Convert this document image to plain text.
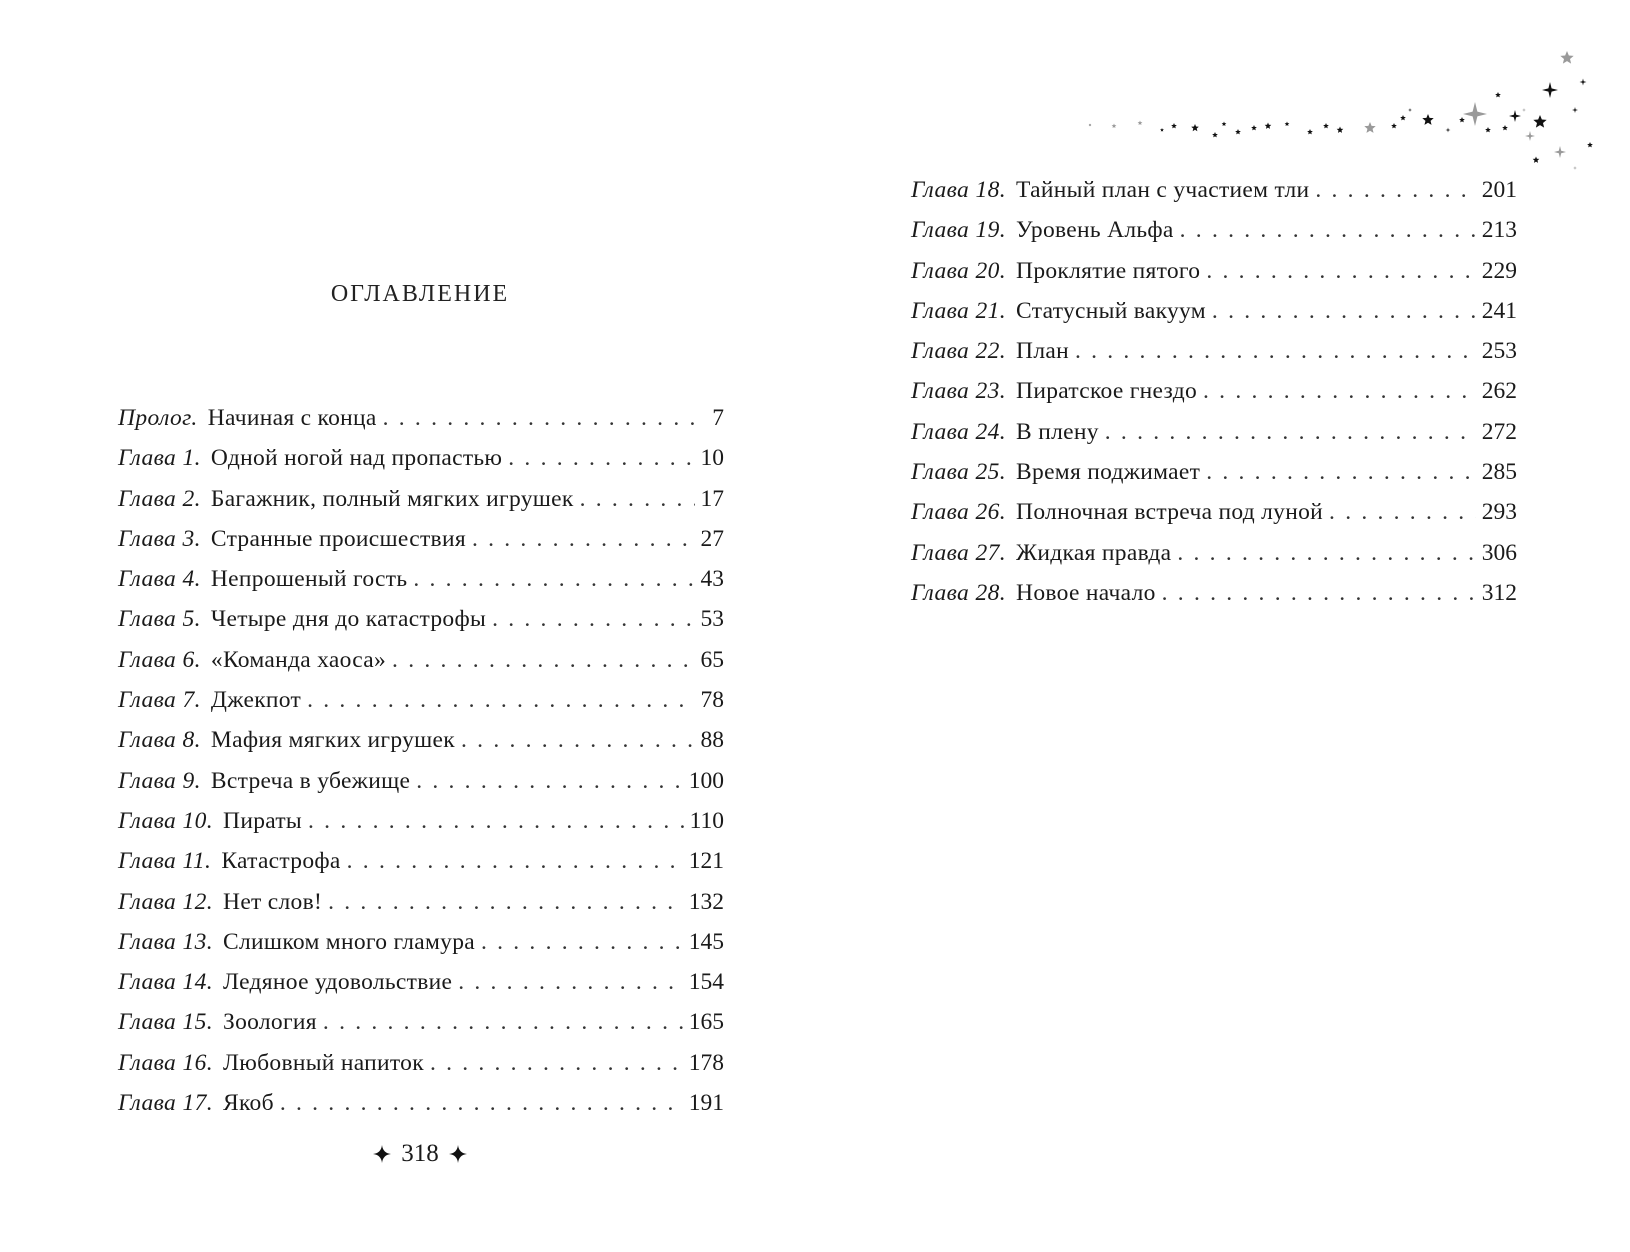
оглавление
Пролог. Начиная с конца . . .	7
Глава 1. Одной ногой над пропастью . . .	10
Глава 2. Багажник, полный мягких игрушек . . .	17
Глава 3. Странные происшествия . . .	27
Глава 4. Непрошеный гость . . .	43
Глава 5. Четыре дня до катастрофы . . .	53
Глава 6. «Команда хаоса» . . .	65
Глава 7. Джекпот . . .	78
Глава 8. Мафия мягких игрушек . . .	88
Глава 9. Встреча в убежище . . .	100
Глава 10. Пираты . . .	110
Глава 11. Катастрофа . . .	121
Глава 12. Нет слов! . . .	132
Глава 13. Слишком много гламура . . .	145
Глава 14. Ледяное удовольствие . . .	154
Глава 15. Зоология . . .	165
Глава 16. Любовный напиток . . .	178
Глава 17. Якоб . . .	191
318
Глава 18. Тайный план с участием тли . . .	201
Глава 19. Уровень Альфа . . .	213
Глава 20. Проклятие пятого . . .	229
Глава 21. Статусный вакуум . . .	241
Глава 22. План . . .	253
Глава 23. Пиратское гнездо . . .	262
Глава 24. В плену . . .	272
Глава 25. Время поджимает . . .	285
Глава 26. Полночная встреча под луной . . .	293
Глава 27. Жидкая правда . . .	306
Глава 28. Новое начало . . .	312
